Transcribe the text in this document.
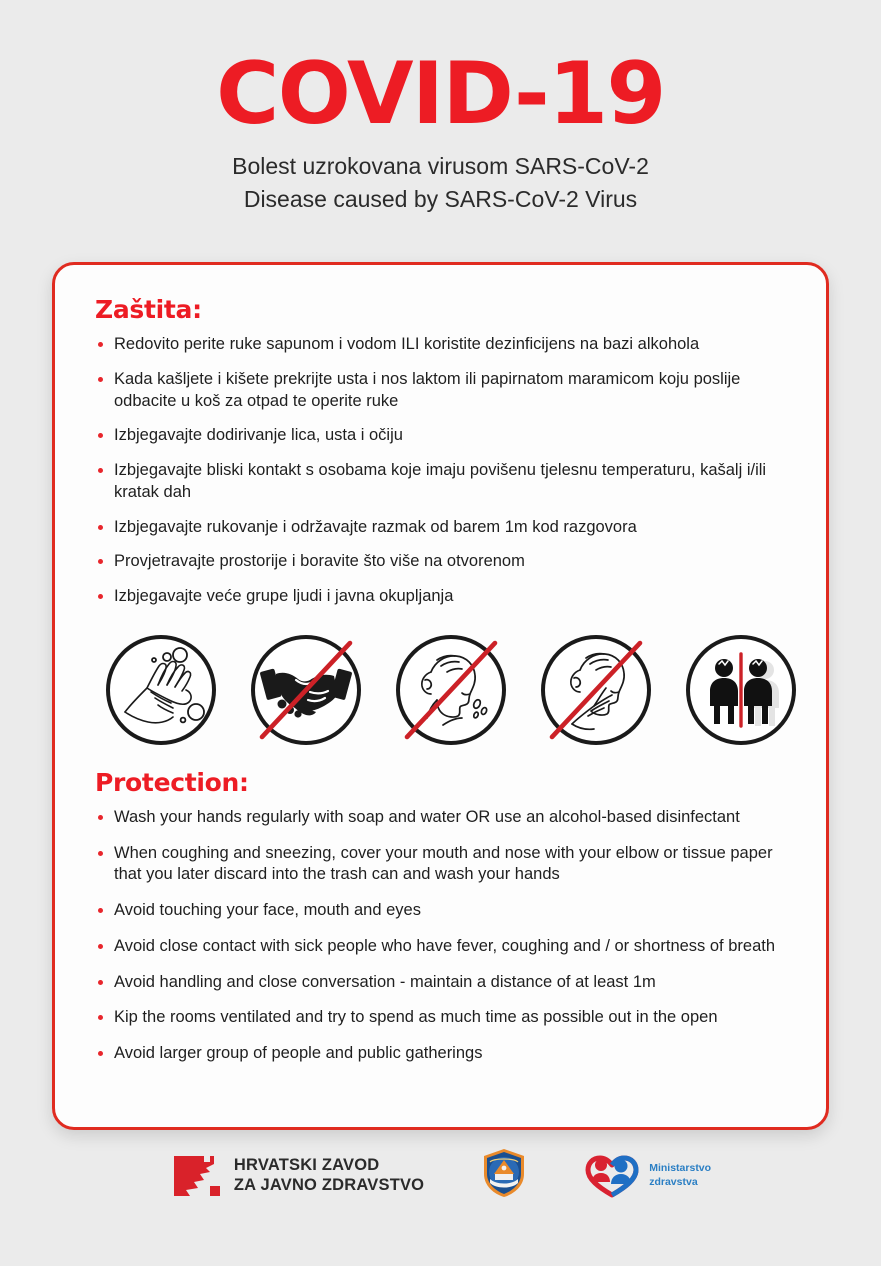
COVID-19
Bolest uzrokovana virusom SARS-CoV-2
Disease caused by SARS-CoV-2 Virus
Zaštita:
Redovito perite ruke sapunom i vodom ILI koristite dezinficijens na bazi alkohola
Kada kašljete i kišete prekrijte usta i nos laktom ili papirnatom maramicom koju poslije odbacite u koš za otpad te operite ruke
Izbjegavajte dodirivanje lica, usta i očiju
Izbjegavajte bliski kontakt s osobama koje imaju povišenu tjelesnu temperaturu, kašalj i/ili kratak dah
Izbjegavajte rukovanje i održavajte razmak od barem 1m kod razgovora
Provjetravajte prostorije i boravite što više na otvorenom
Izbjegavajte veće grupe ljudi i javna okupljanja
Protection:
Wash your hands regularly with soap and water OR use an alcohol-based disinfectant
When coughing and sneezing, cover your mouth and nose with your elbow or tissue paper that you later discard into the trash can and wash your hands
Avoid touching your face, mouth and eyes
Avoid close contact with sick people who have fever, coughing and / or shortness of breath
Avoid handling and close conversation - maintain a distance of at least 1m
Kip the rooms ventilated and try to spend as much time as possible out in the open
Avoid larger group of people and public gatherings
HRVATSKI ZAVOD
ZA JAVNO ZDRAVSTVO
Ministarstvo
zdravstva
